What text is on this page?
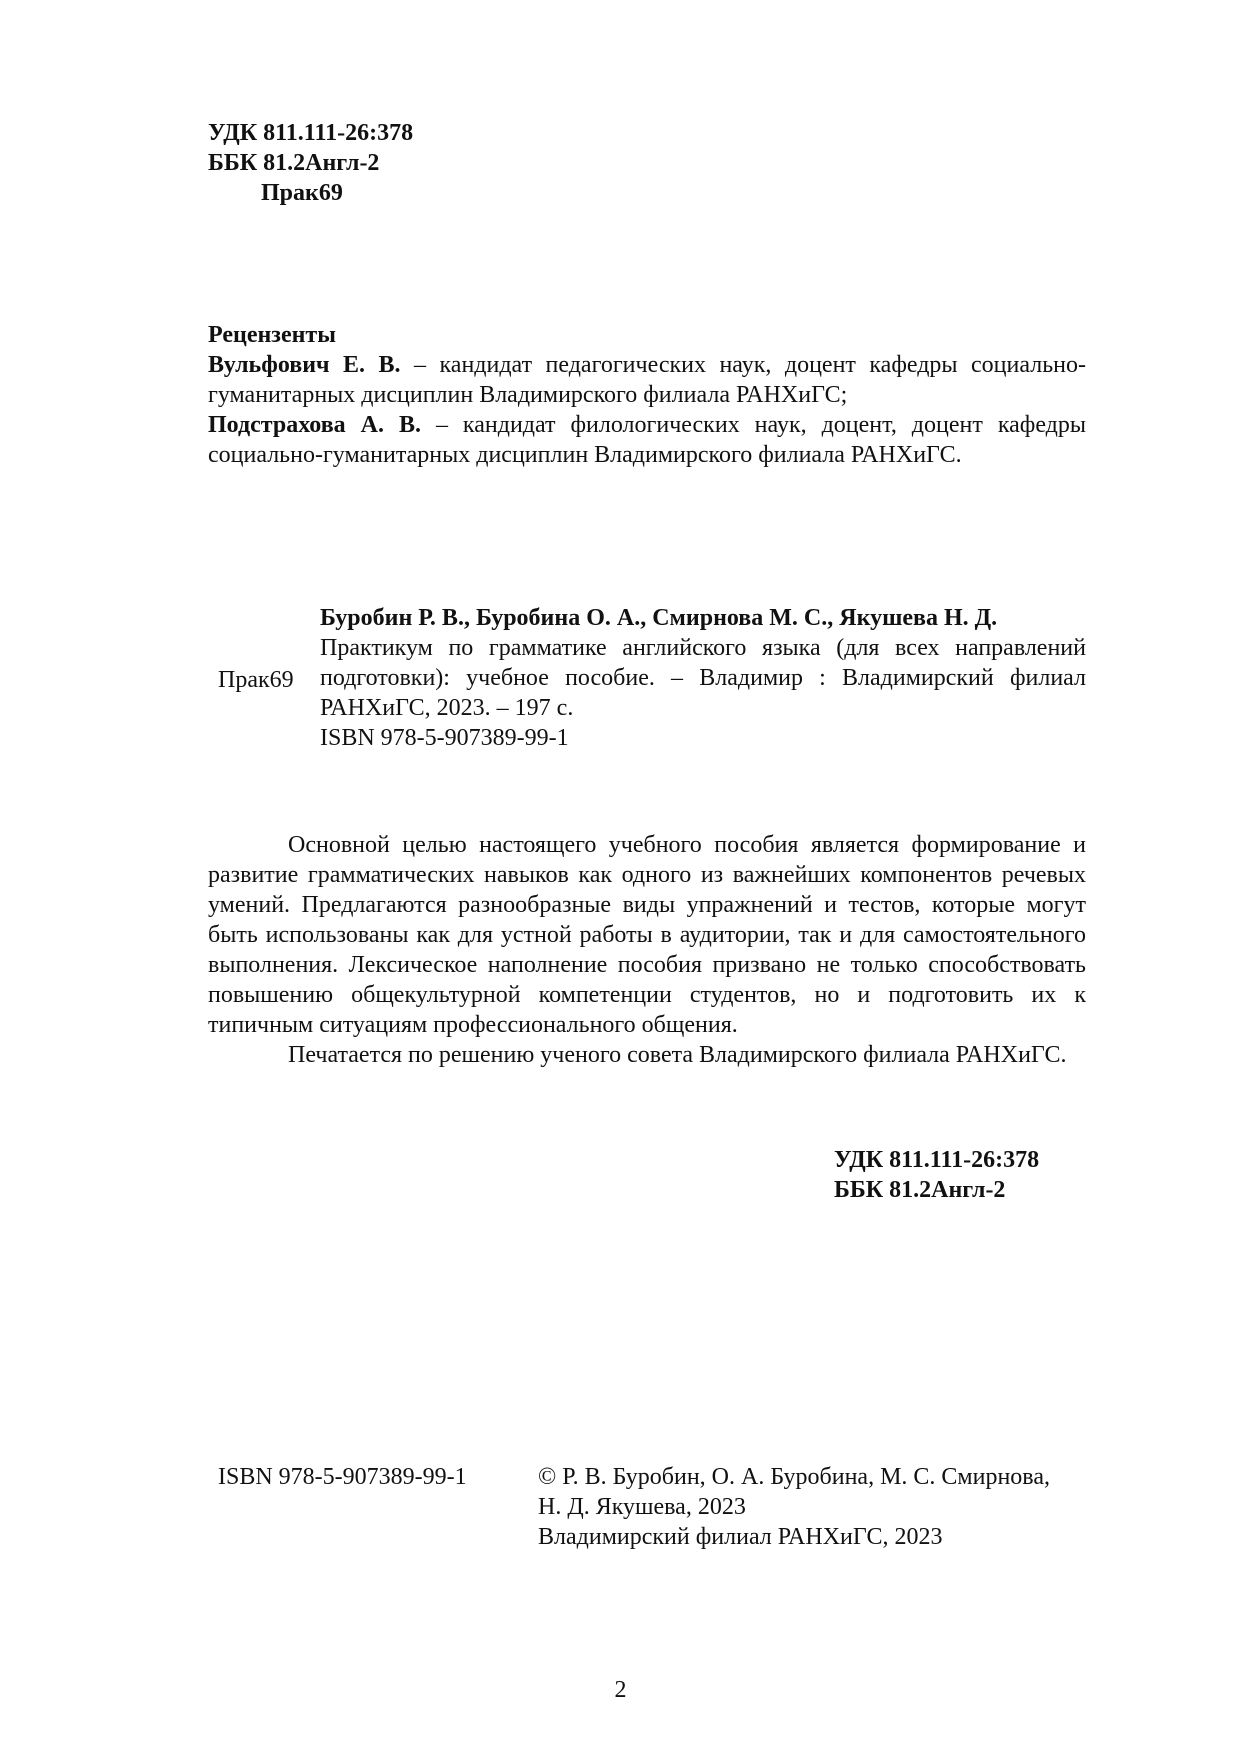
УДК 811.111-26:378
ББК 81.2Англ-2
Прак69
Рецензенты
Вульфович Е. В. – кандидат педагогических наук, доцент кафедры социально-гуманитарных дисциплин Владимирского филиала РАНХиГС;
Подстрахова А. В. – кандидат филологических наук, доцент, доцент кафедры социально-гуманитарных дисциплин Владимирского филиала РАНХиГС.
Прак69
Буробин Р. В., Буробина О. А., Смирнова М. С., Якушева Н. Д.
Практикум по грамматике английского языка (для всех направлений подготовки): учебное пособие. – Владимир : Владимирский филиал РАНХиГС, 2023. – 197 с.
ISBN 978-5-907389-99-1

Основной целью настоящего учебного пособия является формирование и развитие грамматических навыков как одного из важнейших компонентов речевых умений. Предлагаются разнообразные виды упражнений и тестов, которые могут быть использованы как для устной работы в аудитории, так и для самостоятельного выполнения. Лексическое наполнение пособия призвано не только способствовать повышению общекультурной компетенции студентов, но и подготовить их к типичным ситуациям профессионального общения.

Печатается по решению ученого совета Владимирского филиала РАНХиГС.

УДК 811.111-26:378
ББК 81.2Англ-2
ISBN 978-5-907389-99-1	© Р. В. Буробин, О. А. Буробина, М. С. Смирнова,
Н. Д. Якушева, 2023
Владимирский филиал РАНХиГС, 2023
2
